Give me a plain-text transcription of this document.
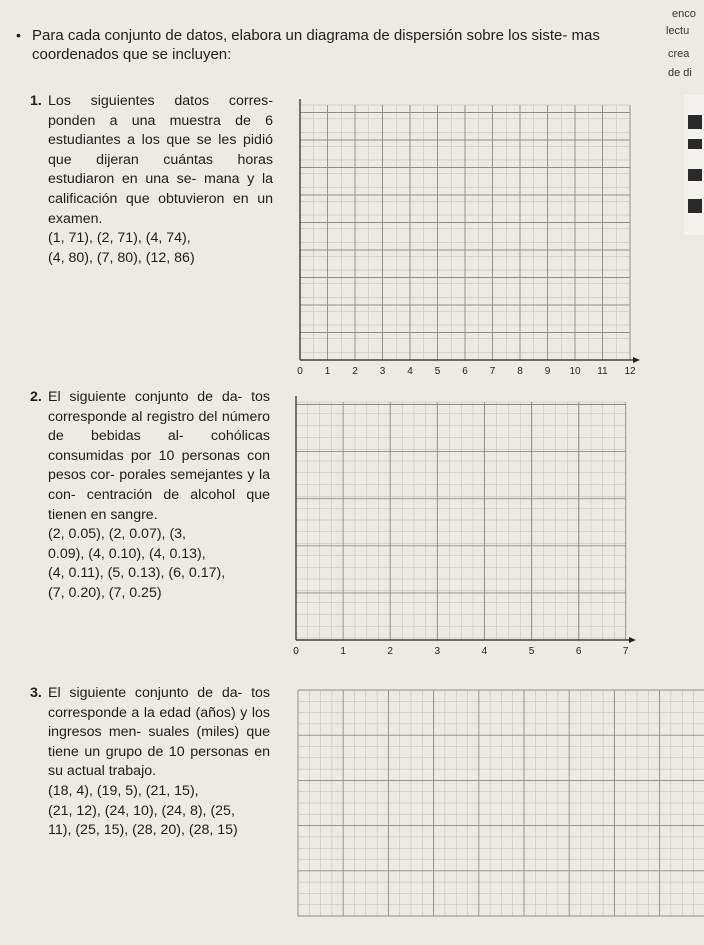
enco
lectu
crea
de di
• Para cada conjunto de datos, elabora un diagrama de dispersión sobre los siste- mas coordenados que se incluyen:
1. Los siguientes datos corres- ponden a una muestra de 6 estudiantes a los que se les pidió que dijeran cuántas horas estudiaron en una se- mana y la calificación que obtuvieron en un examen.

(1, 71), (2, 71), (4, 74),

(4, 80), (7, 80), (12, 86)

0 1 2 3 4 5 6 7 8 9 10 11 12
2. El siguiente conjunto de da- tos corresponde al registro del número de bebidas al- cohólicas consumidas por 10 personas con pesos cor- porales semejantes y la con- centración de alcohol que tienen en sangre.

(2, 0.05), (2, 0.07), (3,

0.09), (4, 0.10), (4, 0.13),

(4, 0.11), (5, 0.13), (6, 0.17),

(7, 0.20), (7, 0.25)

0	1	2	3	4	5	6	7
3. El siguiente conjunto de da- tos corresponde a la edad (años) y los ingresos men- suales (miles) que tiene un grupo de 10 personas en su actual trabajo.

(18, 4), (19, 5), (21, 15),

(21, 12), (24, 10), (24, 8), (25,

11), (25, 15), (28, 20), (28, 15)
